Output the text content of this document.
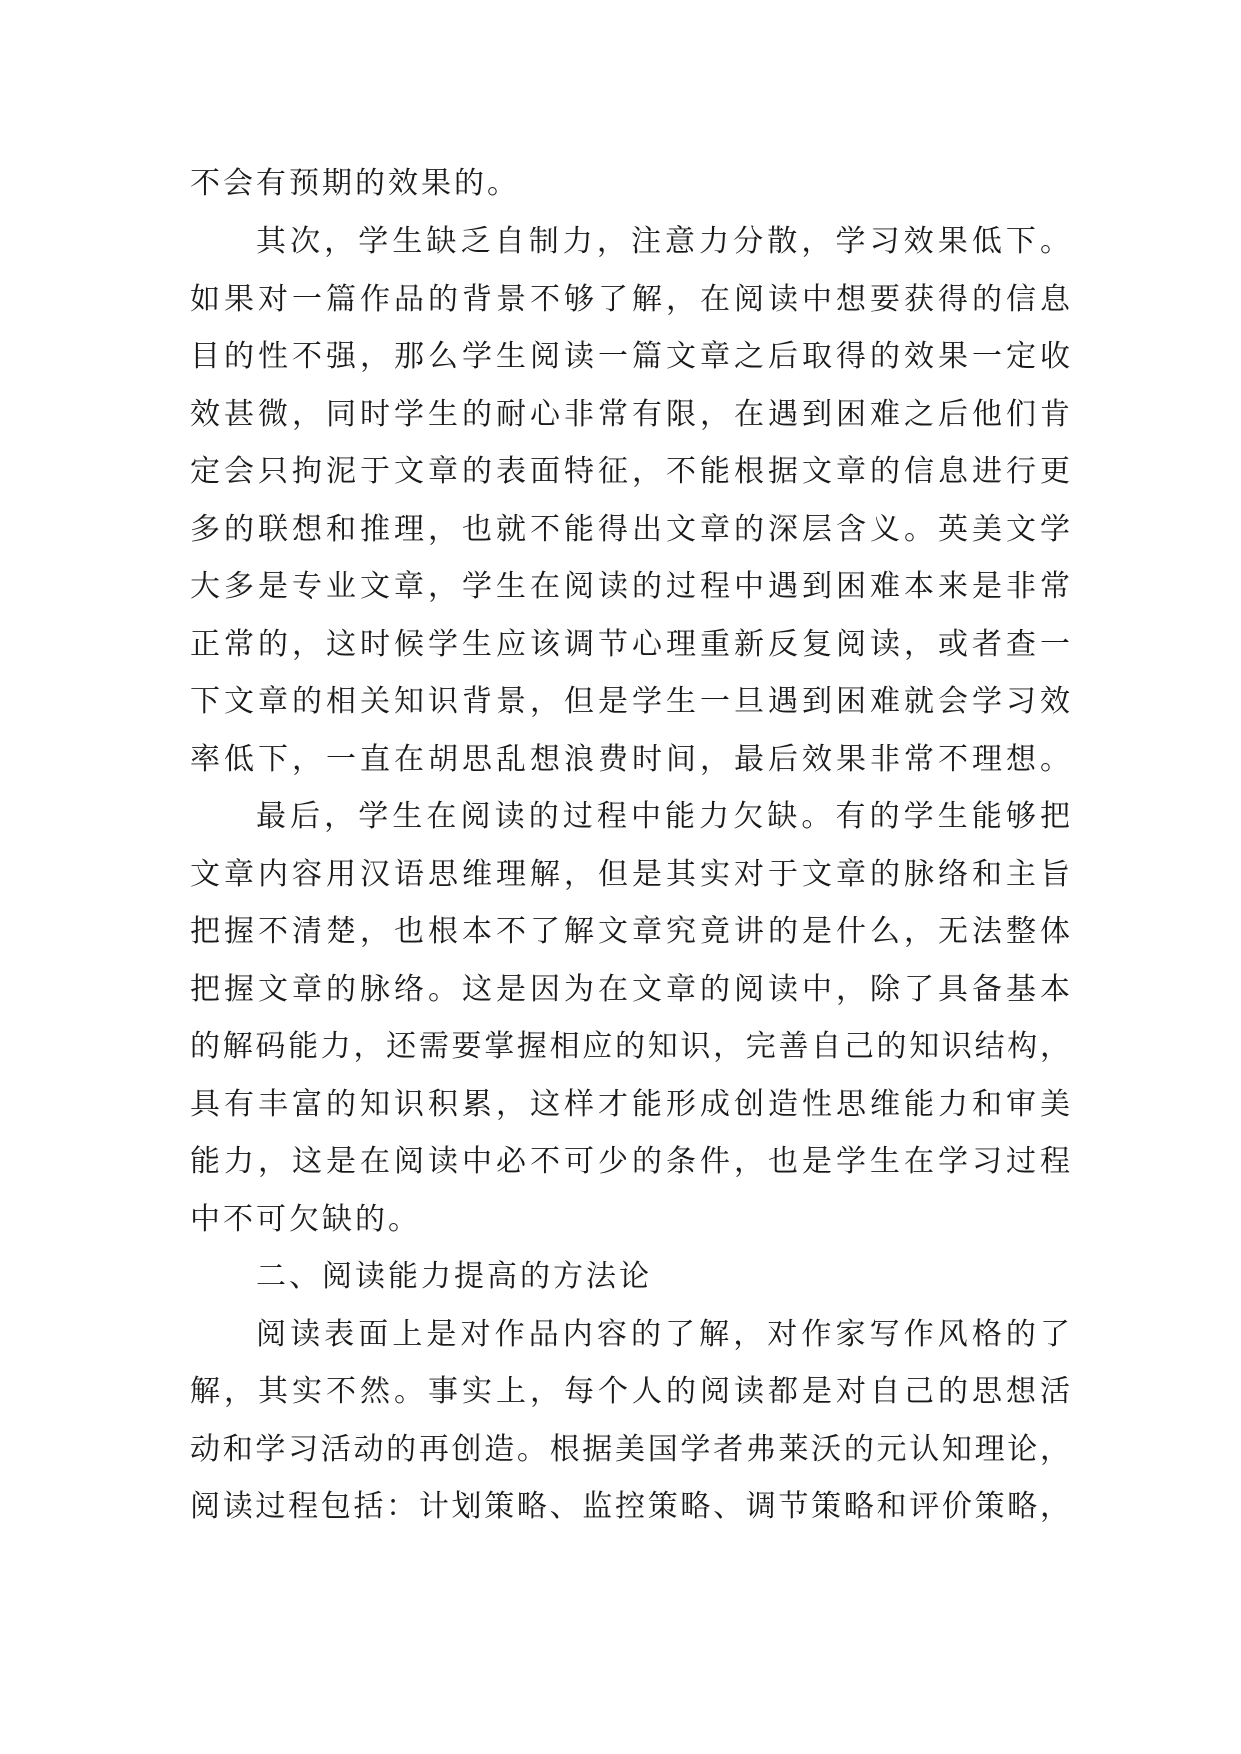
不会有预期的效果的。
其次，学生缺乏自制力，注意力分散，学习效果低下。
如果对一篇作品的背景不够了解，在阅读中想要获得的信息
目的性不强，那么学生阅读一篇文章之后取得的效果一定收
效甚微，同时学生的耐心非常有限，在遇到困难之后他们肯
定会只拘泥于文章的表面特征，不能根据文章的信息进行更
多的联想和推理，也就不能得出文章的深层含义。英美文学
大多是专业文章，学生在阅读的过程中遇到困难本来是非常
正常的，这时候学生应该调节心理重新反复阅读，或者查一
下文章的相关知识背景，但是学生一旦遇到困难就会学习效
率低下，一直在胡思乱想浪费时间，最后效果非常不理想。
最后，学生在阅读的过程中能力欠缺。有的学生能够把
文章内容用汉语思维理解，但是其实对于文章的脉络和主旨
把握不清楚，也根本不了解文章究竟讲的是什么，无法整体
把握文章的脉络。这是因为在文章的阅读中，除了具备基本
的解码能力，还需要掌握相应的知识，完善自己的知识结构，
具有丰富的知识积累，这样才能形成创造性思维能力和审美
能力，这是在阅读中必不可少的条件，也是学生在学习过程
中不可欠缺的。
二、阅读能力提高的方法论
阅读表面上是对作品内容的了解，对作家写作风格的了
解，其实不然。事实上，每个人的阅读都是对自己的思想活
动和学习活动的再创造。根据美国学者弗莱沃的元认知理论，
阅读过程包括：计划策略、监控策略、调节策略和评价策略，
